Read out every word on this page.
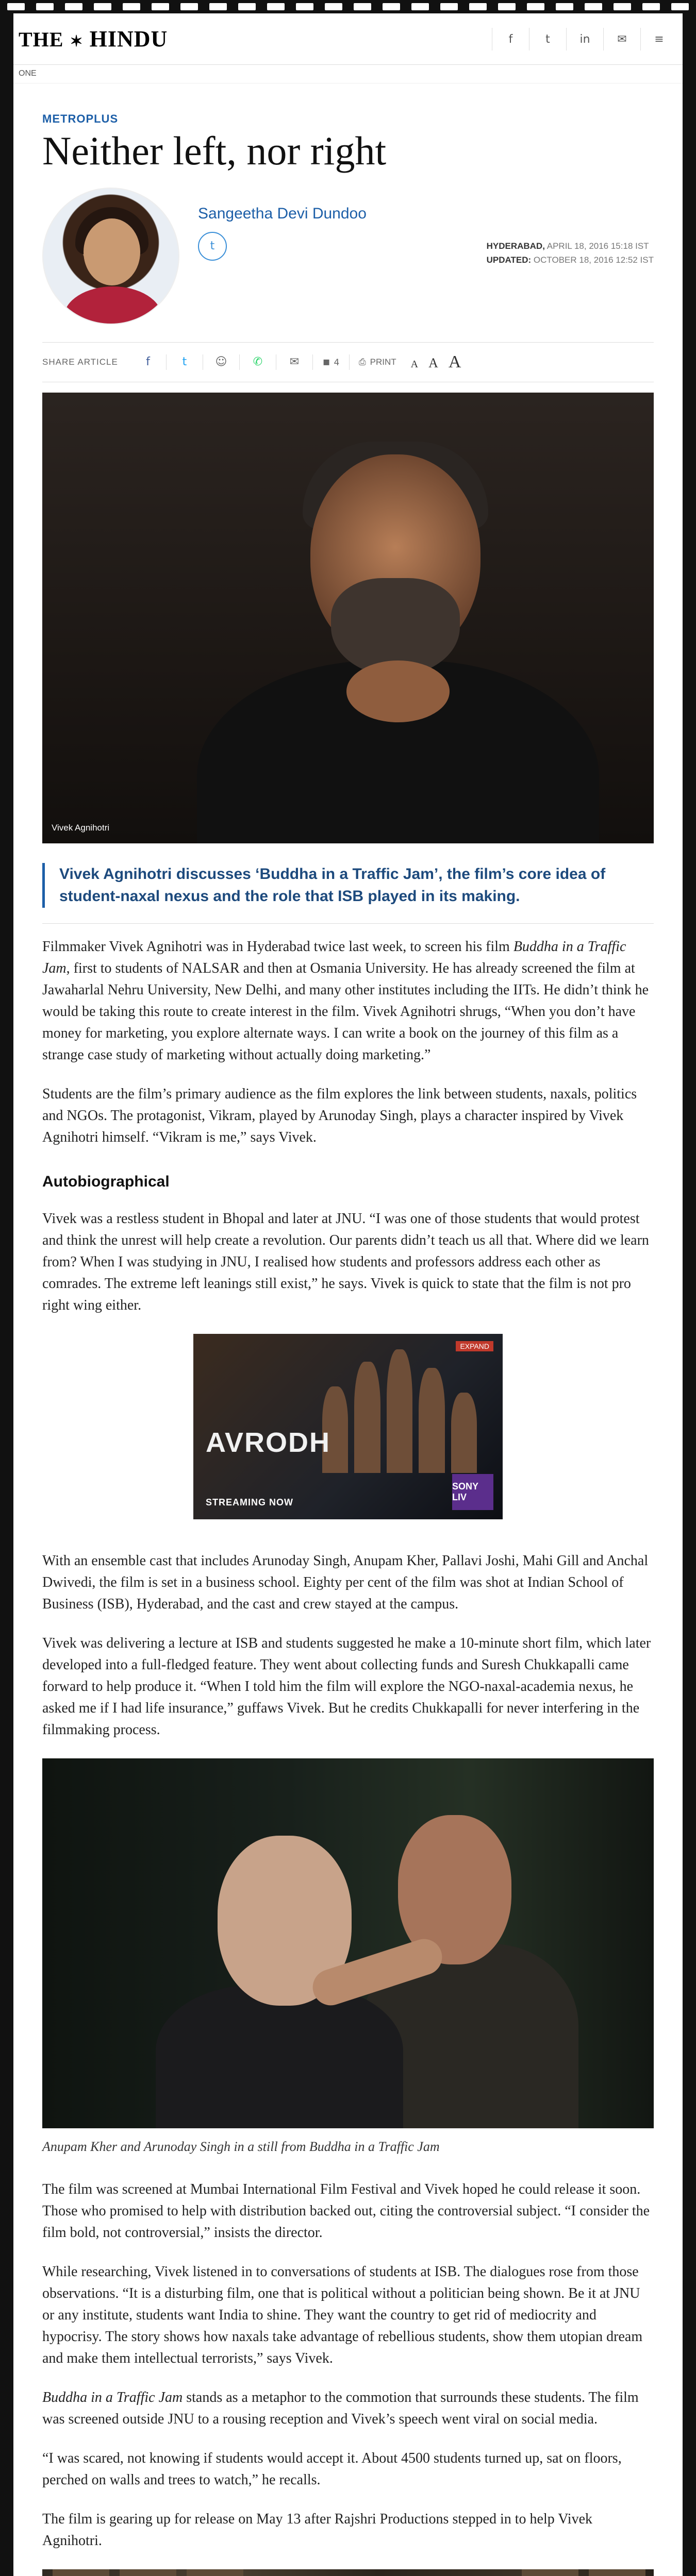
THE ✶ HINDU	f	t	in	✉	≡
ONE
METROPLUS
Neither left, nor right
Sangeetha Devi Dundoo
t	HYDERABAD, APRIL 18, 2016 15:18 IST
UPDATED: OCTOBER 18, 2016 12:52 IST
SHARE ARTICLE	f	t	☺	✆	✉	▪ 4	⎙ PRINT A A A
Vivek Agnihotri
Vivek Agnihotri discusses ‘Buddha in a Traffic Jam’, the film’s core idea of student-naxal nexus and the role that ISB played in its making.

Filmmaker Vivek Agnihotri was in Hyderabad twice last week, to screen his film Buddha in a Traffic Jam, first to students of NALSAR and then at Osmania University. He has already screened the film at Jawaharlal Nehru University, New Delhi, and many other institutes including the IITs. He didn’t think he would be taking this route to create interest in the film. Vivek Agnihotri shrugs, “When you don’t have money for marketing, you explore alternate ways. I can write a book on the journey of this film as a strange case study of marketing without actually doing marketing.”

Students are the film’s primary audience as the film explores the link between students, naxals, politics and NGOs. The protagonist, Vikram, played by Arunoday Singh, plays a character inspired by Vivek Agnihotri himself. “Vikram is me,” says Vivek.

Autobiographical

Vivek was a restless student in Bhopal and later at JNU. “I was one of those students that would protest and think the unrest will help create a revolution. Our parents didn’t teach us all that. Where did we learn from? When I was studying in JNU, I realised how students and professors address each other as comrades. The extreme left leanings still exist,” he says. Vivek is quick to state that the film is not pro right wing either.

EXPAND
AVRODH
STREAMING NOW
SONY LIV

With an ensemble cast that includes Arunoday Singh, Anupam Kher, Pallavi Joshi, Mahi Gill and Anchal Dwivedi, the film is set in a business school. Eighty per cent of the film was shot at Indian School of Business (ISB), Hyderabad, and the cast and crew stayed at the campus.

Vivek was delivering a lecture at ISB and students suggested he make a 10-minute short film, which later developed into a full-fledged feature. They went about collecting funds and Suresh Chukkapalli came forward to help produce it. “When I told him the film will explore the NGO-naxal-academia nexus, he asked me if I had life insurance,” guffaws Vivek. But he credits Chukkapalli for never interfering in the filmmaking process.

Anupam Kher and Arunoday Singh in a still from Buddha in a Traffic Jam

The film was screened at Mumbai International Film Festival and Vivek hoped he could release it soon. Those who promised to help with distribution backed out, citing the controversial subject. “I consider the film bold, not controversial,” insists the director.

While researching, Vivek listened in to conversations of students at ISB. The dialogues rose from those observations. “It is a disturbing film, one that is political without a politician being shown. Be it at JNU or any institute, students want India to shine. They want the country to get rid of mediocrity and hypocrisy. The story shows how naxals take advantage of rebellious students, show them utopian dream and make them intellectual terrorists,” says Vivek.

Buddha in a Traffic Jam stands as a metaphor to the commotion that surrounds these students. The film was screened outside JNU to a rousing reception and Vivek’s speech went viral on social media.

“I was scared, not knowing if students would accept it. About 4500 students turned up, sat on floors, perched on walls and trees to watch,” he recalls.

The film is gearing up for release on May 13 after Rajshri Productions stepped in to help Vivek Agnihotri.
